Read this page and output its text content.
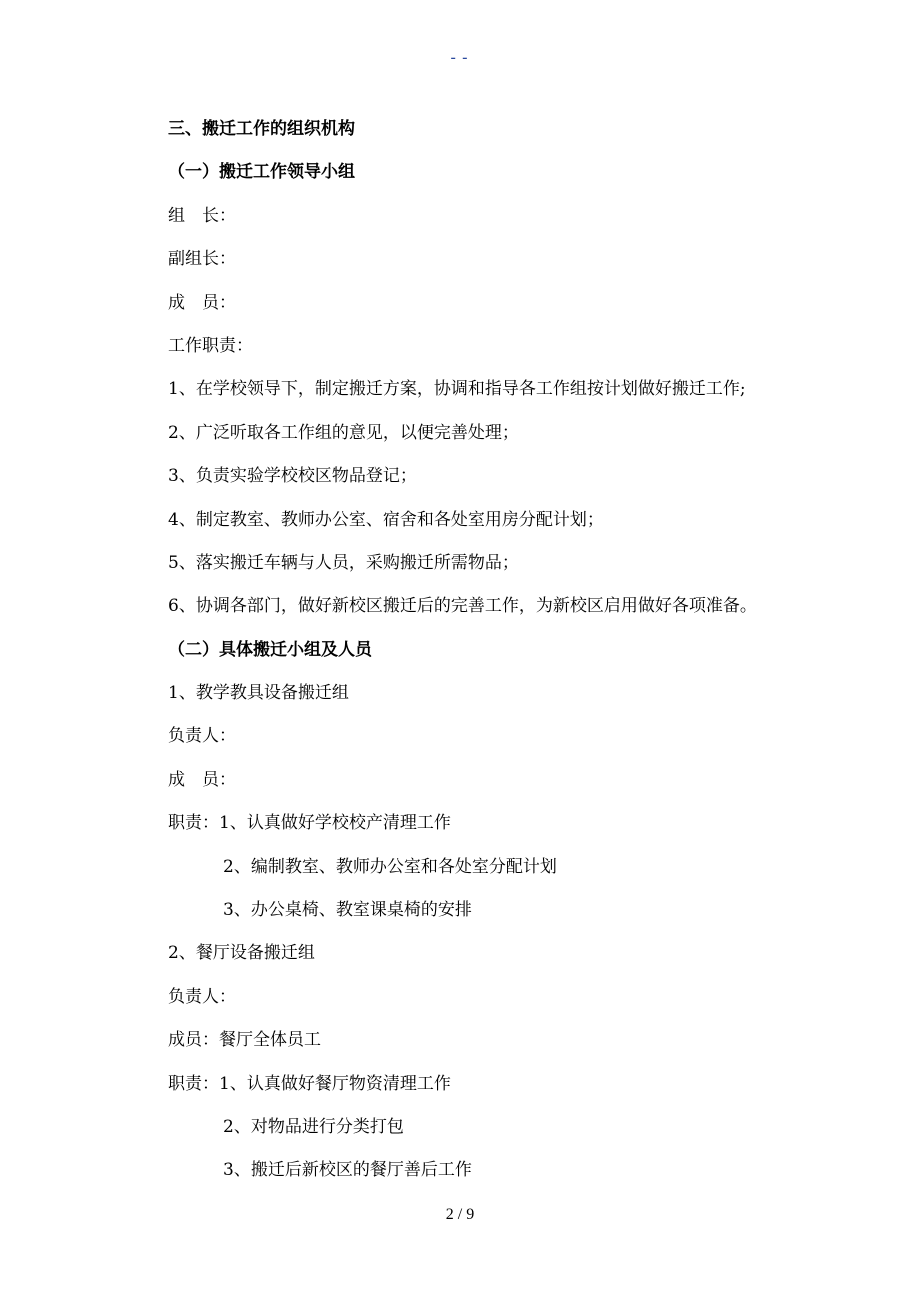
--
三、搬迁工作的组织机构
（一）搬迁工作领导小组
组　长：
副组长：
成　员：
工作职责：
1、在学校领导下，制定搬迁方案，协调和指导各工作组按计划做好搬迁工作;
2、广泛听取各工作组的意见，以便完善处理；
3、负责实验学校校区物品登记；
4、制定教室、教师办公室、宿舍和各处室用房分配计划；
5、落实搬迁车辆与人员，采购搬迁所需物品；
6、协调各部门，做好新校区搬迁后的完善工作，为新校区启用做好各项准备。
（二）具体搬迁小组及人员
1、教学教具设备搬迁组
负责人：
成　员：
职责：1、认真做好学校校产清理工作
2、编制教室、教师办公室和各处室分配计划
3、办公桌椅、教室课桌椅的安排
2、餐厅设备搬迁组
负责人：
成员：餐厅全体员工
职责：1、认真做好餐厅物资清理工作
2、对物品进行分类打包
3、搬迁后新校区的餐厅善后工作
2 / 9
